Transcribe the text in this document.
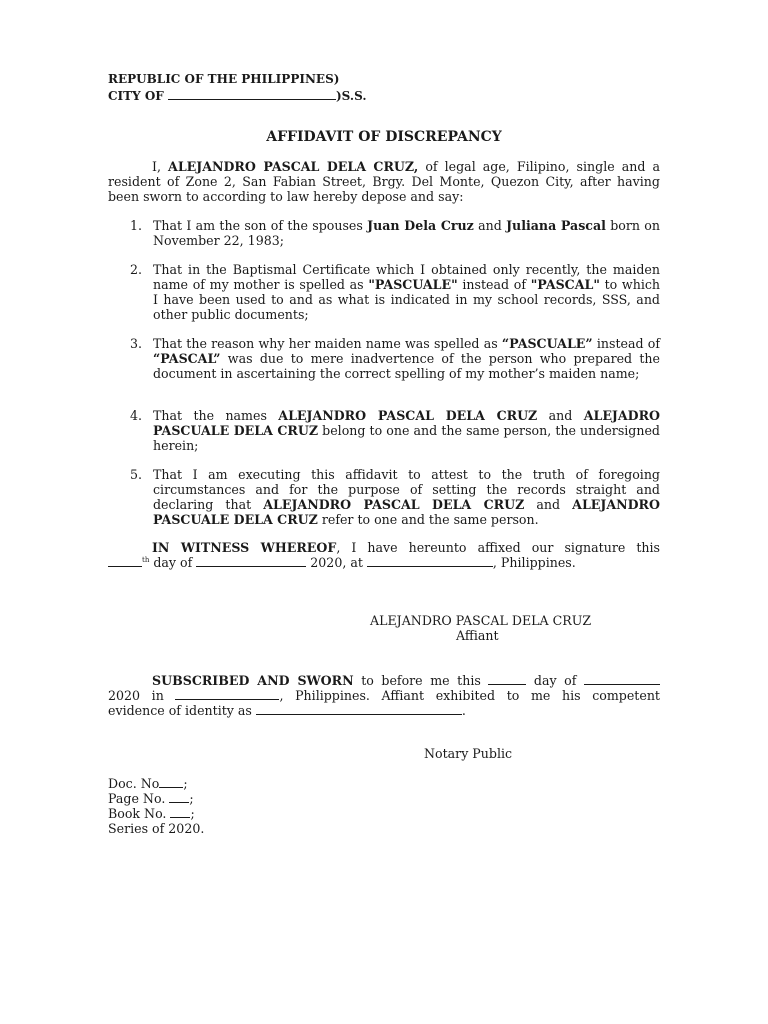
REPUBLIC OF THE PHILIPPINES)
CITY OF	)S.S.
AFFIDAVIT OF DISCREPANCY
I, ALEJANDRO PASCAL DELA CRUZ, of legal age, Filipino, single and a resident of Zone 2, San Fabian Street, Brgy. Del Monte, Quezon City, after having been sworn to according to law hereby depose and say:
1. That I am the son of the spouses Juan Dela Cruz and Juliana Pascal born on November 22, 1983;
2. That in the Baptismal Certificate which I obtained only recently, the maiden name of my mother is spelled as "PASCUALE" instead of "PASCAL" to which I have been used to and as what is indicated in my school records, SSS, and other public documents;
3. That the reason why her maiden name was spelled as “PASCUALE” instead of “PASCAL” was due to mere inadvertence of the person who prepared the document in ascertaining the correct spelling of my mother’s maiden name;
4. That the names ALEJANDRO PASCAL DELA CRUZ and ALEJADRO PASCUALE DELA CRUZ belong to one and the same person, the undersigned herein;
5. That I am executing this affidavit to attest to the truth of foregoing circumstances and for the purpose of setting the records straight and declaring that ALEJANDRO PASCAL DELA CRUZ and ALEJANDRO PASCUALE DELA CRUZ refer to one and the same person.
IN WITNESS WHEREOF, I have hereunto affixed our signature this
$^{th}$ day of	2020, at	, Philippines.
ALEJANDRO PASCAL DELA CRUZ
Affiant
SUBSCRIBED AND SWORN to before me this	day of
2020 in	, Philippines. Affiant exhibited to me his competent
evidence of identity as	.
Notary Public
Doc. No ;
Page No. ;
Book No. ;
Series of 2020.
